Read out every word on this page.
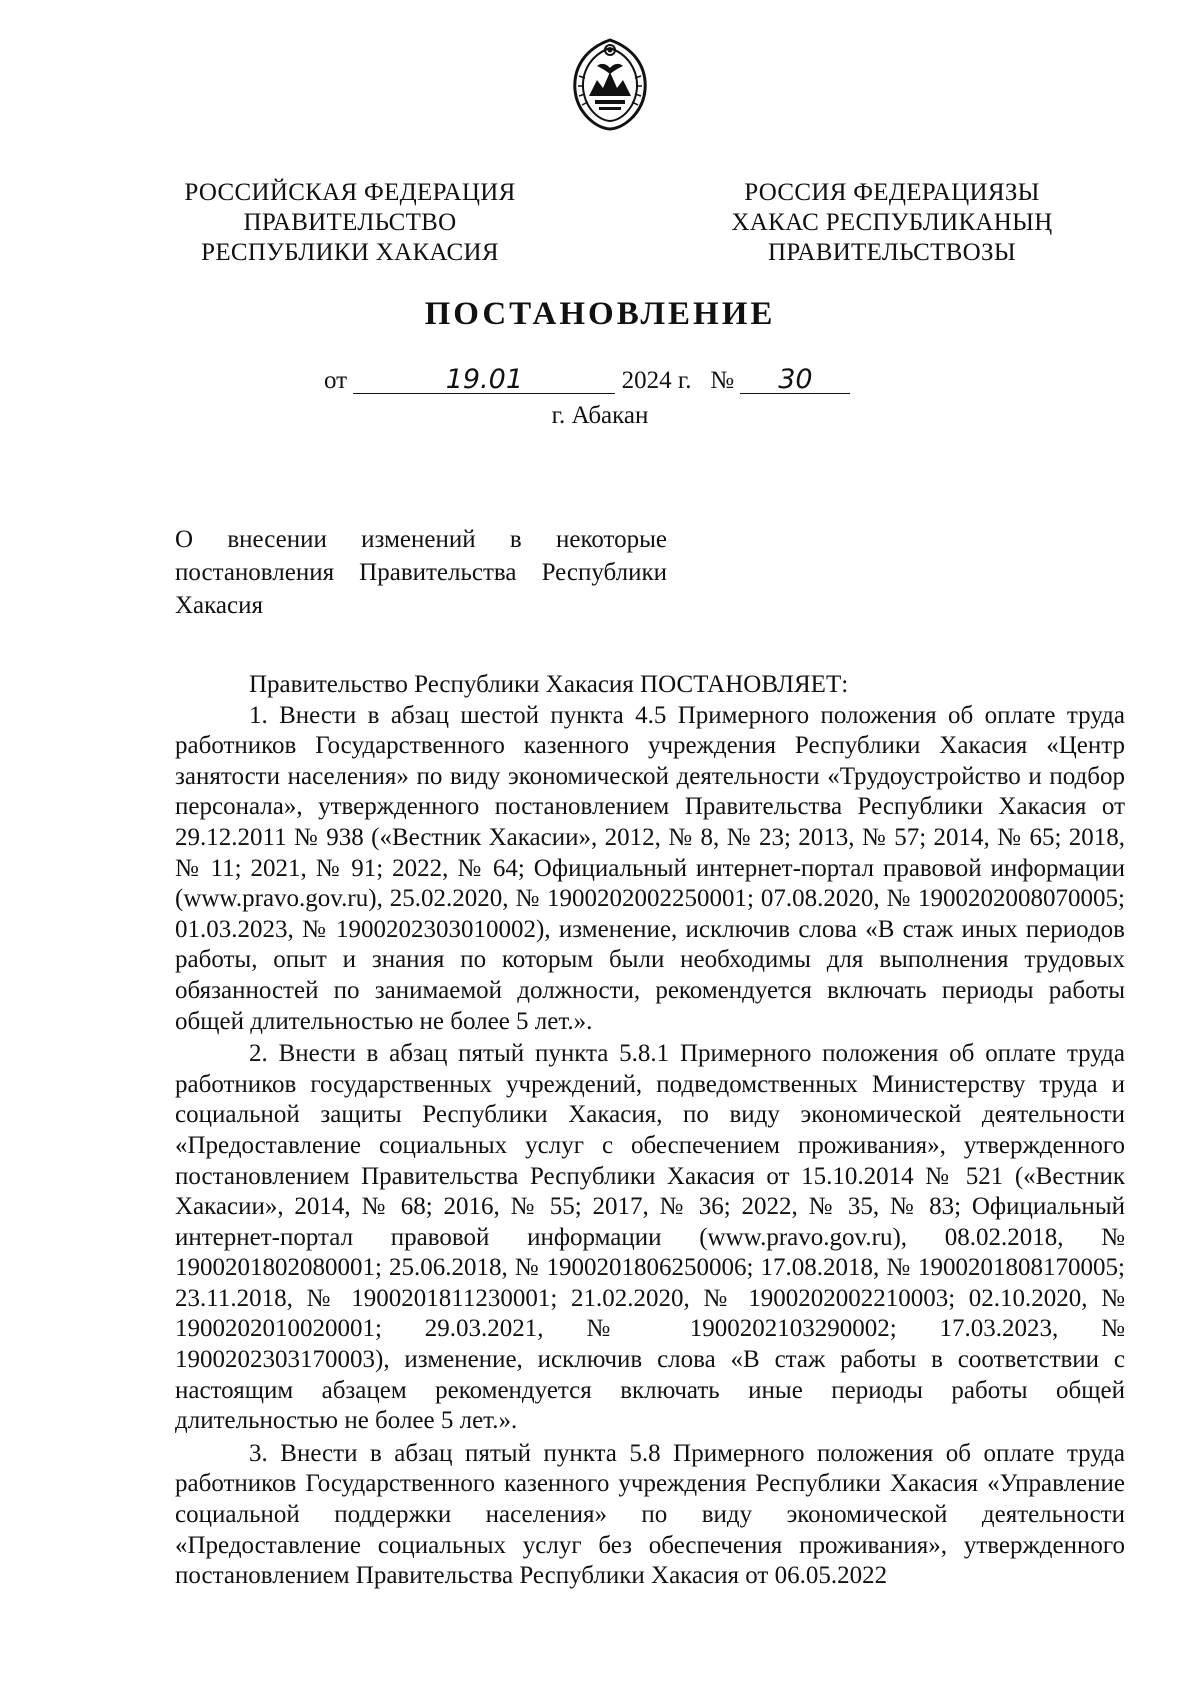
РОССИЙСКАЯ ФЕДЕРАЦИЯ
ПРАВИТЕЛЬСТВО
РЕСПУБЛИКИ ХАКАСИЯ
РОССИЯ ФЕДЕРАЦИЯЗЫ
ХАКАС РЕСПУБЛИКАНЫҢ
ПРАВИТЕЛЬСТВОЗЫ
ПОСТАНОВЛЕНИЕ
от	19.01	2024 г. № 30
г. Абакан
О внесении изменений в некоторые постановления Правительства Республики Хакасия

Правительство Республики Хакасия ПОСТАНОВЛЯЕТ:

1. Внести в абзац шестой пункта 4.5 Примерного положения об оплате труда работников Государственного казенного учреждения Республики Хакасия «Центр занятости населения» по виду экономической деятельности «Трудоустройство и подбор персонала», утвержденного постановлением Правительства Республики Хакасия от 29.12.2011 № 938 («Вестник Хакасии», 2012, № 8, № 23; 2013, № 57; 2014, № 65; 2018, № 11; 2021, № 91; 2022, № 64; Официальный интернет-портал правовой информации (www.pravo.gov.ru), 25.02.2020, № 1900202002250001; 07.08.2020, № 1900202008070005; 01.03.2023, № 1900202303010002), изменение, исключив слова «В стаж иных периодов работы, опыт и знания по которым были необходимы для выполнения трудовых обязанностей по занимаемой должности, рекомендуется включать периоды работы общей длительностью не более 5 лет.».

2. Внести в абзац пятый пункта 5.8.1 Примерного положения об оплате труда работников государственных учреждений, подведомственных Министерству труда и социальной защиты Республики Хакасия, по виду экономической деятельности «Предоставление социальных услуг с обеспечением проживания», утвержденного постановлением Правительства Республики Хакасия от 15.10.2014 № 521 («Вестник Хакасии», 2014, № 68; 2016, № 55; 2017, № 36; 2022, № 35, № 83; Официальный интернет-портал правовой информации (www.pravo.gov.ru), 08.02.2018, № 1900201802080001; 25.06.2018, № 1900201806250006; 17.08.2018, № 1900201808170005; 23.11.2018, № 1900201811230001; 21.02.2020, № 1900202002210003; 02.10.2020, № 1900202010020001; 29.03.2021, № 1900202103290002; 17.03.2023, № 1900202303170003), изменение, исключив слова «В стаж работы в соответствии с настоящим абзацем рекомендуется включать иные периоды работы общей длительностью не более 5 лет.».

3. Внести в абзац пятый пункта 5.8 Примерного положения об оплате труда работников Государственного казенного учреждения Республики Хакасия «Управление социальной поддержки населения» по виду экономической деятельности «Предоставление социальных услуг без обеспечения проживания», утвержденного постановлением Правительства Республики Хакасия от 06.05.2022
